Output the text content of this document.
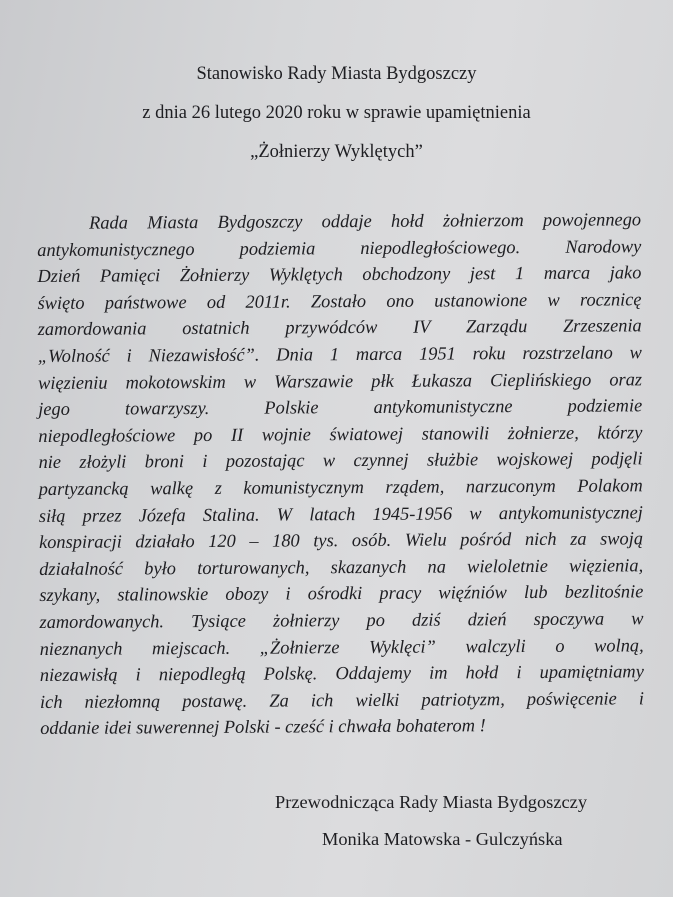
Stanowisko Rady Miasta Bydgoszczy
z dnia 26 lutego 2020 roku w sprawie upamiętnienia
„Żołnierzy Wyklętych”
Rada Miasta Bydgoszczy oddaje hołd żołnierzom powojennego
antykomunistycznego podziemia niepodległościowego. Narodowy
Dzień Pamięci Żołnierzy Wyklętych obchodzony jest 1 marca jako
święto państwowe od 2011r. Zostało ono ustanowione w rocznicę
zamordowania ostatnich przywódców IV Zarządu Zrzeszenia
„Wolność i Niezawisłość”. Dnia 1 marca 1951 roku rozstrzelano w
więzieniu mokotowskim w Warszawie płk Łukasza Cieplińskiego oraz
jego towarzyszy. Polskie antykomunistyczne podziemie
niepodległościowe po II wojnie światowej stanowili żołnierze, którzy
nie złożyli broni i pozostając w czynnej służbie wojskowej podjęli
partyzancką walkę z komunistycznym rządem, narzuconym Polakom
siłą przez Józefa Stalina. W latach 1945-1956 w antykomunistycznej
konspiracji działało 120 – 180 tys. osób. Wielu pośród nich za swoją
działalność było torturowanych, skazanych na wieloletnie więzienia,
szykany, stalinowskie obozy i ośrodki pracy więźniów lub bezlitośnie
zamordowanych. Tysiące żołnierzy po dziś dzień spoczywa w
nieznanych miejscach. „Żołnierze Wyklęci” walczyli o wolną,
niezawisłą i niepodległą Polskę. Oddajemy im hołd i upamiętniamy
ich niezłomną postawę. Za ich wielki patriotyzm, poświęcenie i
oddanie idei suwerennej Polski - cześć i chwała bohaterom !
Przewodnicząca Rady Miasta Bydgoszczy
Monika Matowska - Gulczyńska
